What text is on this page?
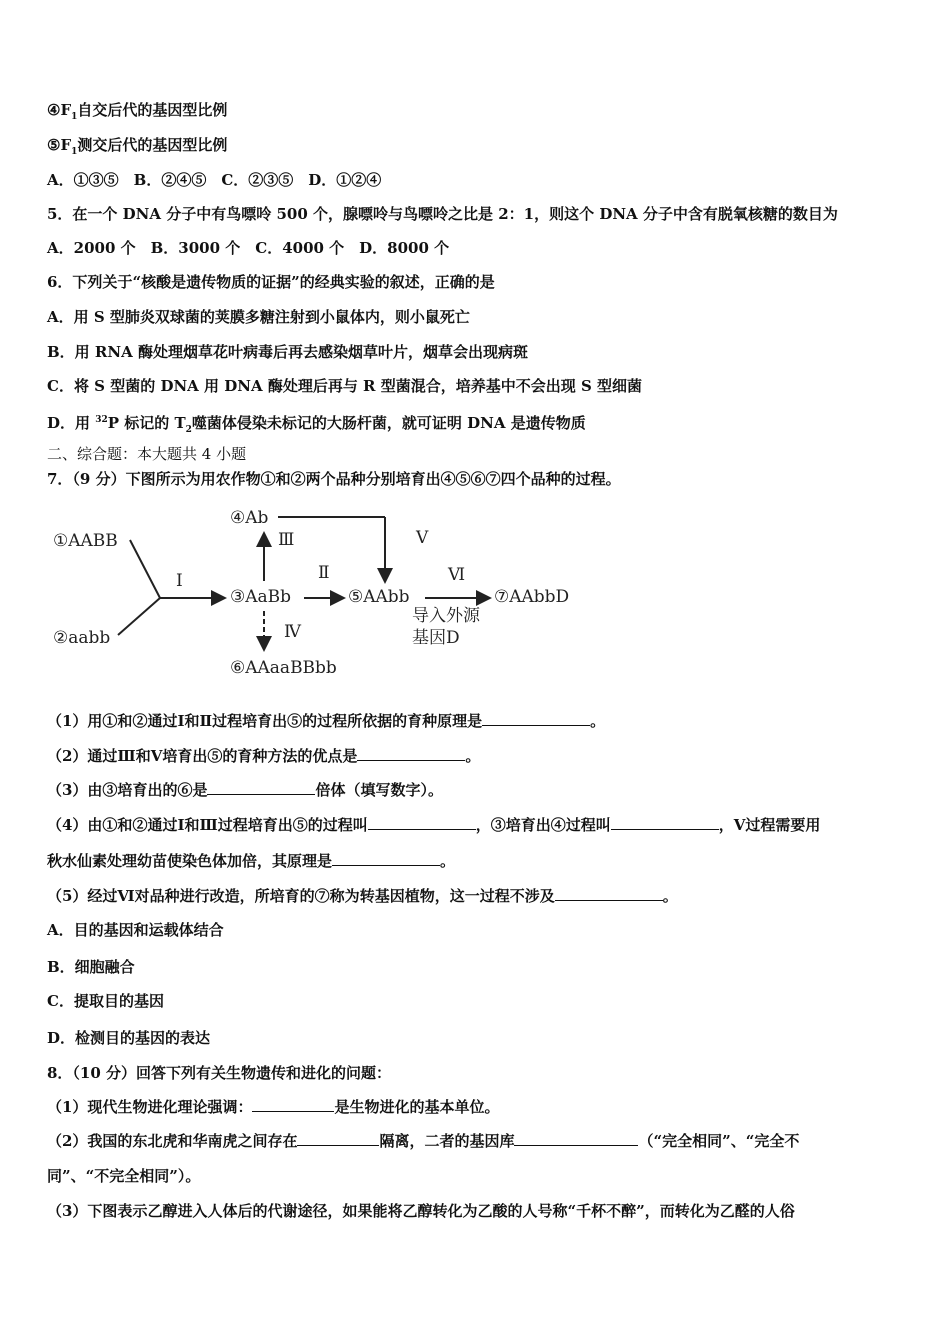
$④F_1$自交后代的基因型比例
$⑤F_1$测交后代的基因型比例
A．①③⑤　B．②④⑤　C．②③⑤　D．①②④
5．在一个 DNA 分子中有鸟嘌呤 500 个，腺嘌呤与鸟嘌呤之比是 2：1，则这个 DNA 分子中含有脱氧核糖的数目为
A．2000 个　B．3000 个　C．4000 个　D．8000 个
6．下列关于“核酸是遗传物质的证据”的经典实验的叙述，正确的是
A．用 S 型肺炎双球菌的荚膜多糖注射到小鼠体内，则小鼠死亡
B．用 RNA 酶处理烟草花叶病毒后再去感染烟草叶片，烟草会出现病斑
C．将 S 型菌的 DNA 用 DNA 酶处理后再与 R 型菌混合，培养基中不会出现 S 型细菌
D．用 $^{32}$P 标记的 $T_2$噬菌体侵染未标记的大肠杆菌，就可证明 DNA 是遗传物质
二、综合题：本大题共 4 小题
7．（9 分）下图所示为用农作物①和②两个品种分别培育出④⑤⑥⑦四个品种的过程。
①AABB
②aabb
Ⅰ
③AaBb
④Ab
Ⅲ	Ⅴ
Ⅱ
⑤AAbb
Ⅵ
⑦AAbbD
导入外源
基因D
Ⅳ
⑥AAaaBBbb
（1）用①和②通过Ⅰ和Ⅱ过程培育出⑤的过程所依据的育种原理是	。
（2）通过Ⅲ和Ⅴ培育出⑤的育种方法的优点是	。
（3）由③培育出的⑥是	倍体（填写数字）。
（4）由①和②通过Ⅰ和Ⅲ过程培育出⑤的过程叫	，③培育出④过程叫	，Ⅴ过程需要用
秋水仙素处理幼苗使染色体加倍，其原理是	。
（5）经过Ⅵ对品种进行改造，所培育的⑦称为转基因植物，这一过程不涉及	。
A．目的基因和运载体结合
B．细胞融合
C．提取目的基因
D．检测目的基因的表达
8．（10 分）回答下列有关生物遗传和进化的问题：
（1）现代生物进化理论强调：	是生物进化的基本单位。
（2）我国的东北虎和华南虎之间存在	隔离，二者的基因库	（“完全相同”、“完全不
同”、“不完全相同”）。
（3）下图表示乙醇进入人体后的代谢途径，如果能将乙醇转化为乙酸的人号称“千杯不醉”，而转化为乙醛的人俗
